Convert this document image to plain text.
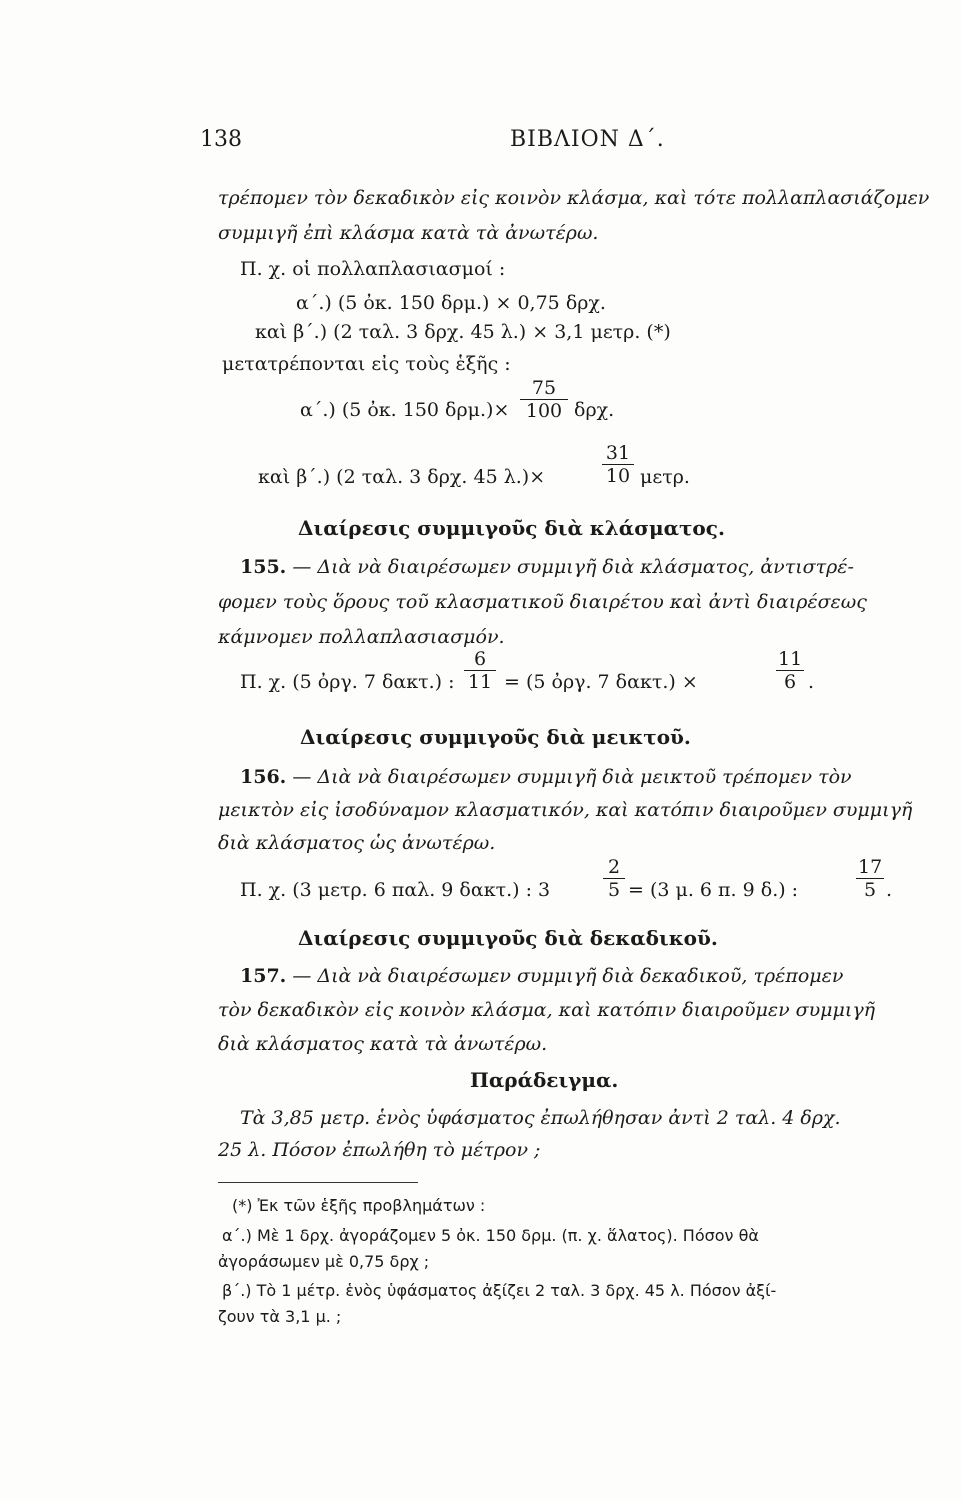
138	ΒΙΒΛΙΟΝ Δ΄.
τρέπομεν τὸν δεκαδικὸν εἰς κοινὸν κλάσμα, καὶ τότε πολλαπλασιάζομεν
συμμιγῆ ἐπὶ κλάσμα κατὰ τὰ ἀνωτέρω.
Π. χ. οἱ πολλαπλασιασμοί :
α΄.) (5 ὀκ. 150 δρμ.) × 0,75 δρχ.
καὶ β΄.) (2 ταλ. 3 δρχ. 45 λ.) × 3,1 μετρ. (*)
μετατρέπονται εἰς τοὺς ἑξῆς :
α΄.) (5 ὀκ. 150 $\delta\rho\mu.)\times \frac{75}{100} \delta\rho\chi$.
καὶ β΄.) (2 ταλ. 3 δρχ. 45 λ.)×	$\frac{31}{10} \mu\varepsilon\tau\rho$.
Διαίρεσις συμμιγοῦς διὰ κλάσματος.
155. — Διὰ νὰ διαιρέσωμεν συμμιγῆ διὰ κλάσματος, ἀντιστρέ-
φομεν τοὺς ὅρους τοῦ κλασματικοῦ διαιρέτου καὶ ἀντὶ διαιρέσεως
κάμνομεν πολλαπλασιασμόν.
Π. χ. (5 ὀργ. 7 δακτ.) : $\frac{6}{11} = (5$ ὀργ. 7 δακτ.) ×	$\frac{11}{6}$ .
Διαίρεσις συμμιγοῦς διὰ μεικτοῦ.
156. — Διὰ νὰ διαιρέσωμεν συμμιγῆ διὰ μεικτοῦ τρέπομεν τὸν
μεικτὸν εἰς ἰσοδύναμον κλασματικόν, καὶ κατόπιν διαιροῦμεν συμμιγῆ
διὰ κλάσματος ὡς ἀνωτέρω.
Π. χ. (3 μετρ. 6 παλ. 9 δακτ.) : 3	$\frac{2}{5} = (3$ μ. 6 π. 9 δ.) :	$\frac{17}{5}$ .
Διαίρεσις συμμιγοῦς διὰ δεκαδικοῦ.
157. — Διὰ νὰ διαιρέσωμεν συμμιγῆ διὰ δεκαδικοῦ, τρέπομεν
τὸν δεκαδικὸν εἰς κοινὸν κλάσμα, καὶ κατόπιν διαιροῦμεν συμμιγῆ
διὰ κλάσματος κατὰ τὰ ἀνωτέρω.
Παράδειγμα.
Τὰ 3,85 μετρ. ἑνὸς ὑφάσματος ἐπωλήθησαν ἀντὶ 2 ταλ. 4 δρχ.
25 λ. Πόσον ἐπωλήθη τὸ μέτρον ;
(*) Ἐκ τῶν ἑξῆς προβλημάτων :
α΄.) Μὲ 1 δρχ. ἀγοράζομεν 5 ὀκ. 150 δρμ. (π. χ. ἅλατος). Πόσον θὰ
ἀγοράσωμεν μὲ 0,75 δρχ ;
β΄.) Τὸ 1 μέτρ. ἑνὸς ὑφάσματος ἀξίζει 2 ταλ. 3 δρχ. 45 λ. Πόσον ἀξί-
ζουν τὰ 3,1 μ. ;
